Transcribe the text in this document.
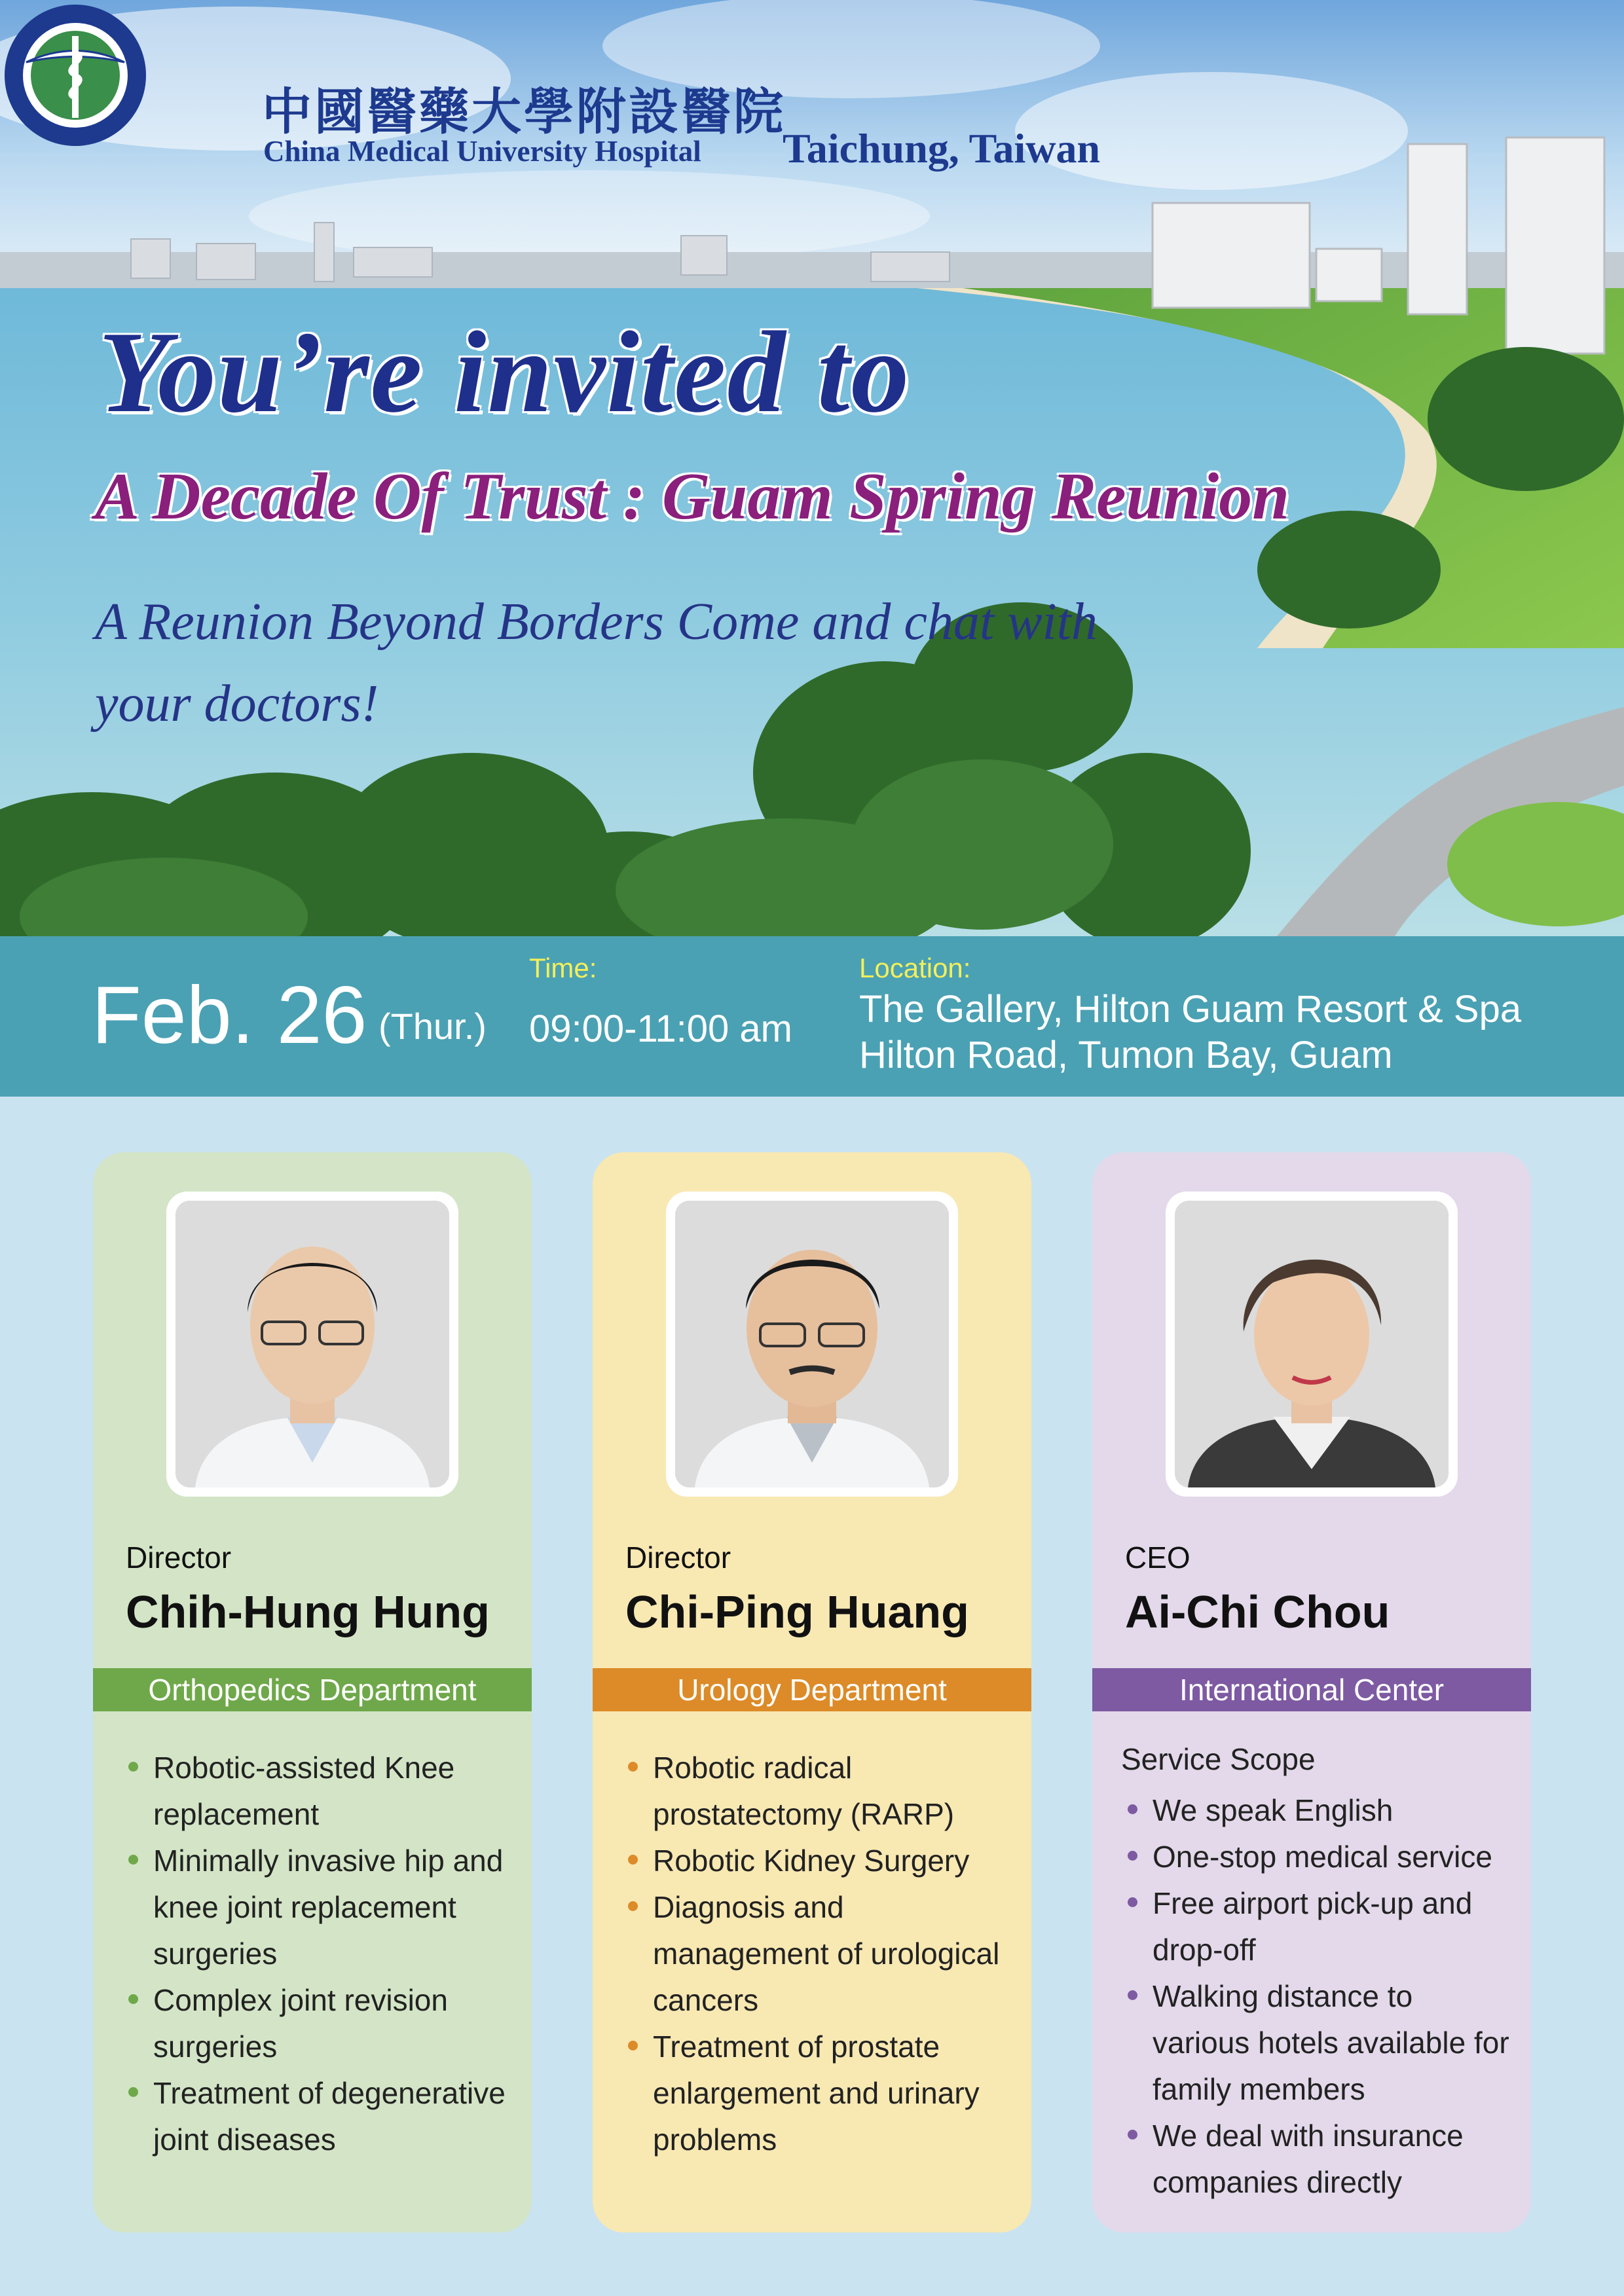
中國醫藥大學附設醫院
China Medical University Hospital Taichung, Taiwan
You’re invited to
A Decade Of Trust : Guam Spring Reunion
A Reunion Beyond Borders Come and chat with your doctors!
Feb. 26 (Thur.)
Time:
09:00-11:00 am
Location:
The Gallery, Hilton Guam Resort & Spa
Hilton Road, Tumon Bay, Guam
Director
Chih-Hung Hung
Orthopedics Department
Robotic-assisted Knee replacement
Minimally invasive hip and knee joint replacement surgeries
Complex joint revision surgeries
Treatment of degenerative joint diseases
Director
Chi-Ping Huang
Urology Department
Robotic radical prostatectomy (RARP)
Robotic Kidney Surgery
Diagnosis and management of urological cancers
Treatment of prostate enlargement and urinary problems
CEO
Ai-Chi Chou
International Center
Service Scope
We speak English
One-stop medical service
Free airport pick-up and drop-off
Walking distance to various hotels available for family members
We deal with insurance companies directly
